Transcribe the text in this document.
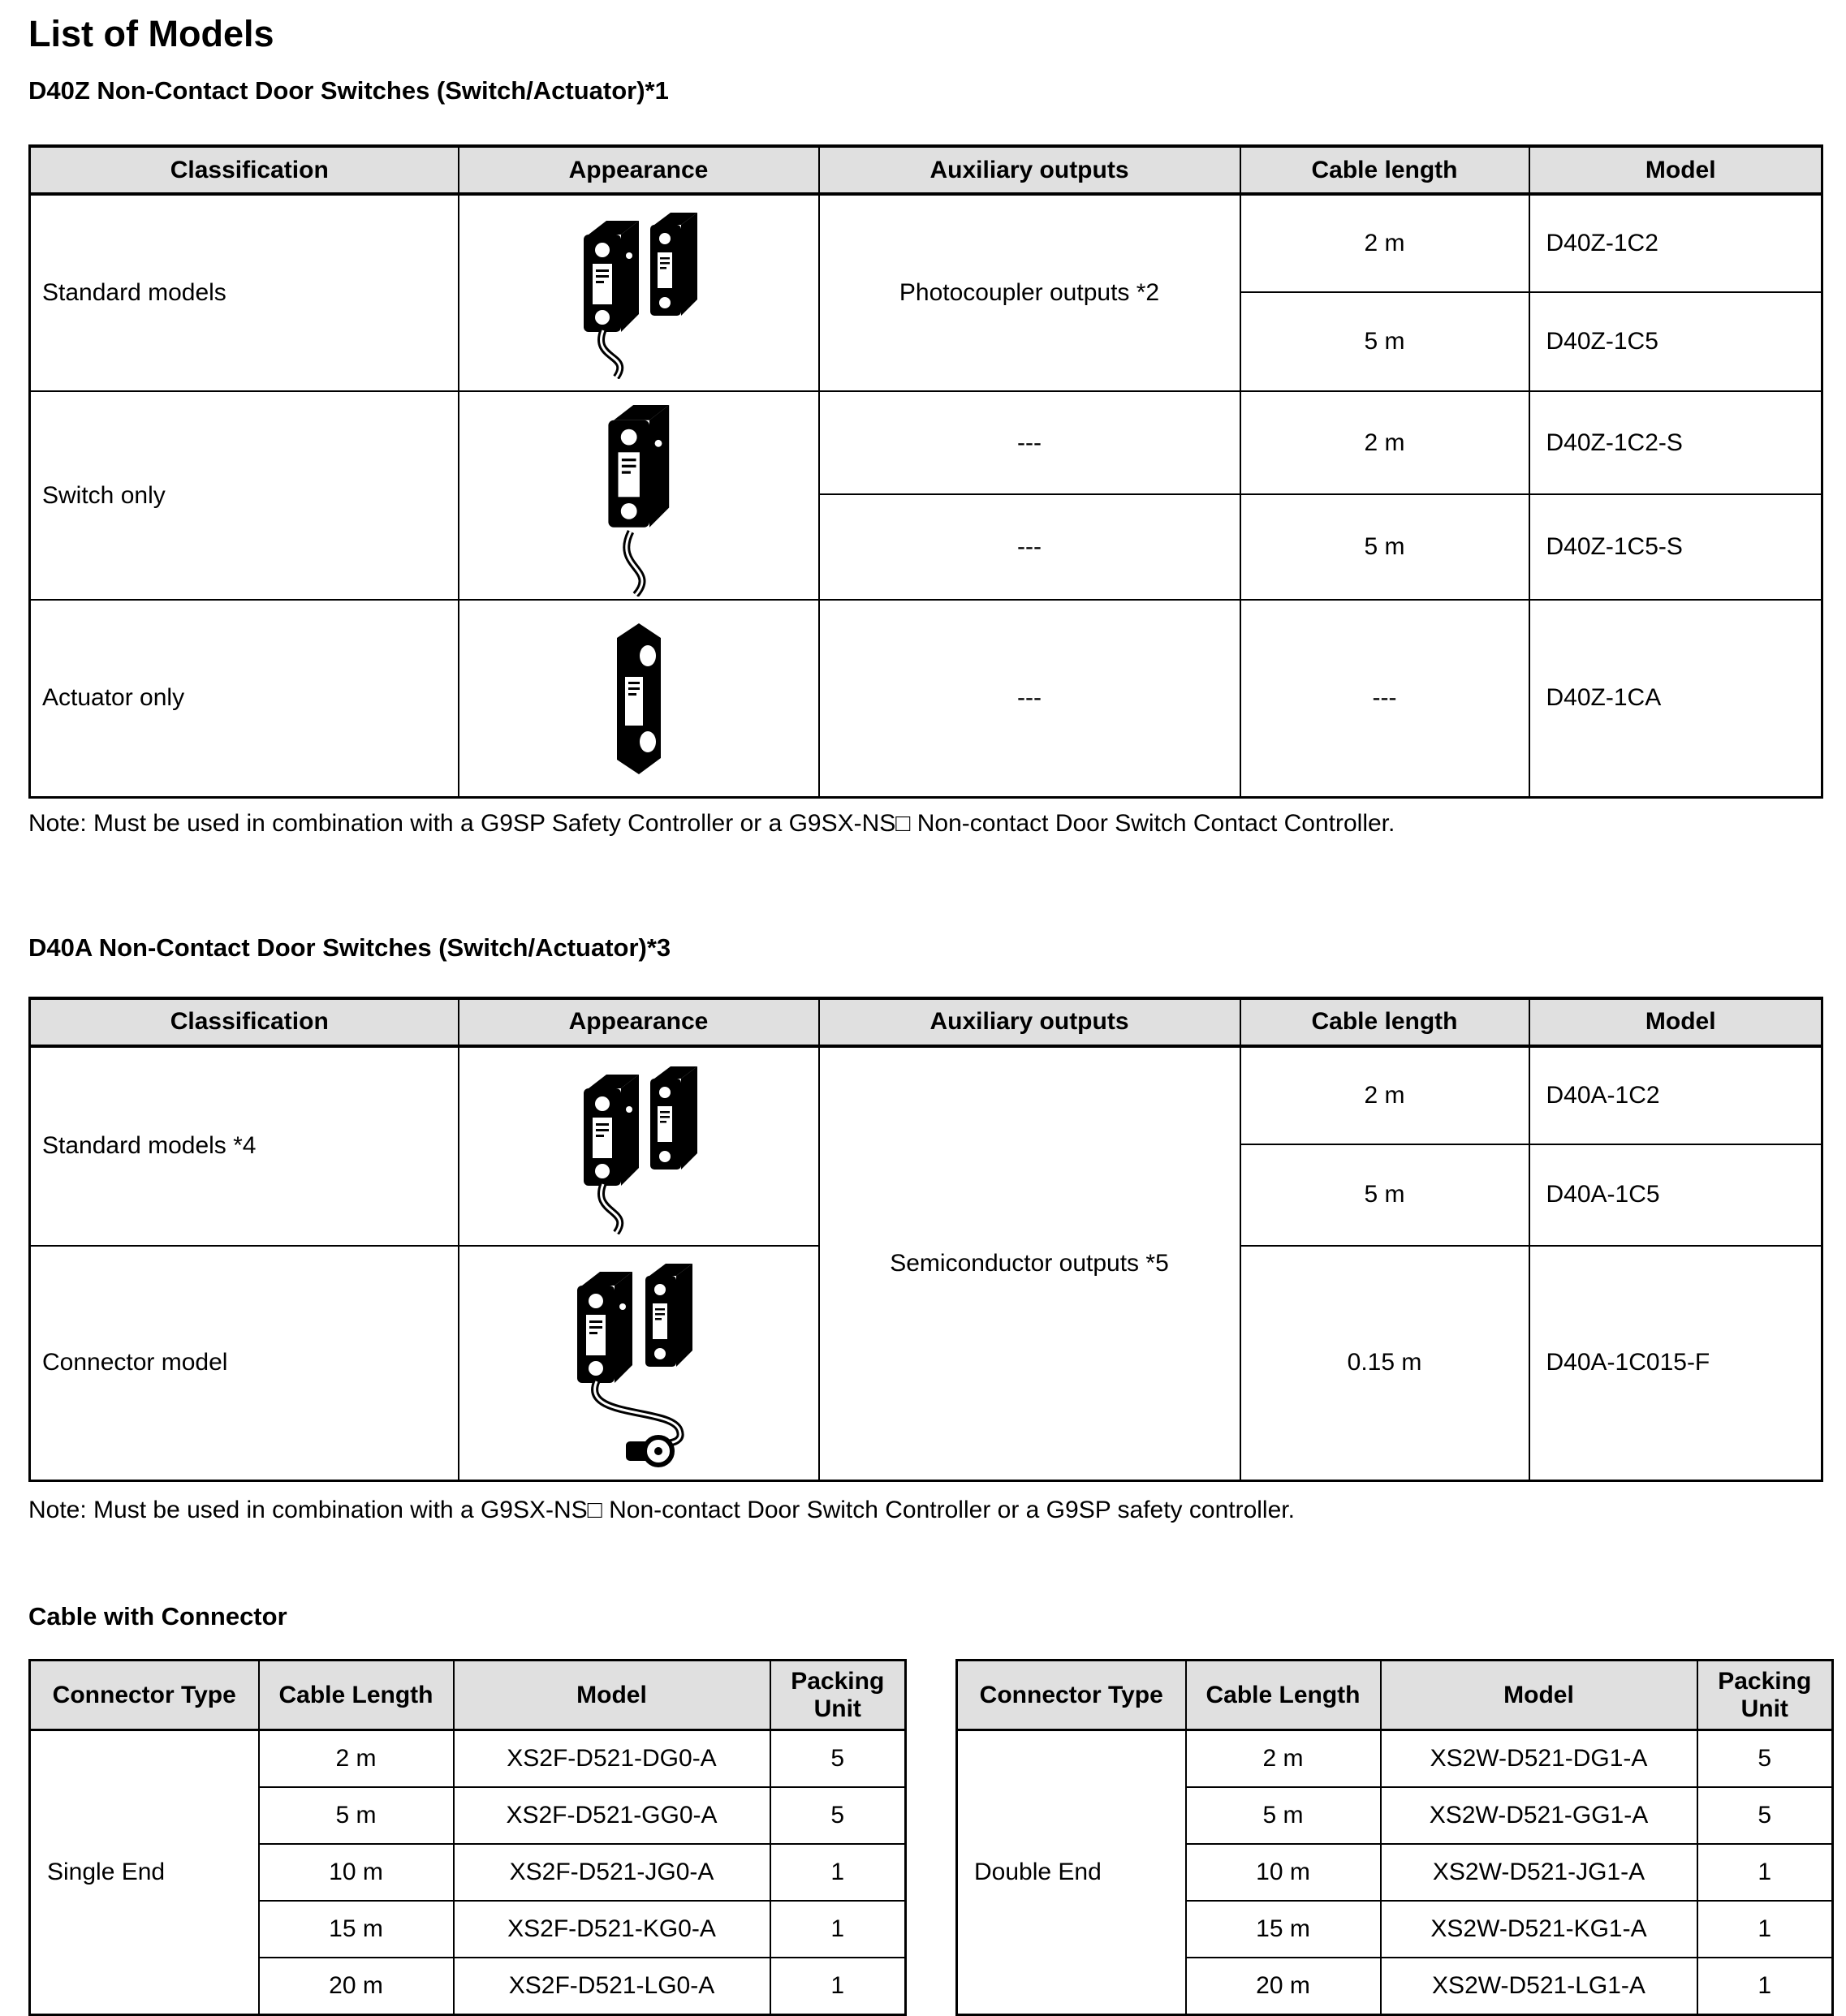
List of Models
D40Z Non-Contact Door Switches (Switch/Actuator)*1
Classification	Appearance	Auxiliary outputs	Cable length	Model
Standard models		Photocoupler outputs *2	2 m	D40Z-1C2
			5 m	D40Z-1C5
Switch only		---	2 m	D40Z-1C2-S
		---	5 m	D40Z-1C5-S
Actuator only		---	---	D40Z-1CA

Note: Must be used in combination with a G9SP Safety Controller or a G9SX-NS□ Non-contact Door Switch Contact Controller.

D40A Non-Contact Door Switches (Switch/Actuator)*3
Classification	Appearance	Auxiliary outputs	Cable length	Model
Standard models *4		Semiconductor outputs *5	2 m	D40A-1C2
			5 m	D40A-1C5
Connector model			0.15 m	D40A-1C015-F

Note: Must be used in combination with a G9SX-NS□ Non-contact Door Switch Controller or a G9SP safety controller.

Cable with Connector
Connector Type	Cable Length	Model	Packing Unit
Single End	2 m	XS2F-D521-DG0-A	5
	5 m	XS2F-D521-GG0-A	5
	10 m	XS2F-D521-JG0-A	1
	15 m	XS2F-D521-KG0-A	1
	20 m	XS2F-D521-LG0-A	1
Connector Type	Cable Length	Model	Packing Unit
Double End	2 m	XS2W-D521-DG1-A	5
	5 m	XS2W-D521-GG1-A	5
	10 m	XS2W-D521-JG1-A	1
	15 m	XS2W-D521-KG1-A	1
	20 m	XS2W-D521-LG1-A	1
